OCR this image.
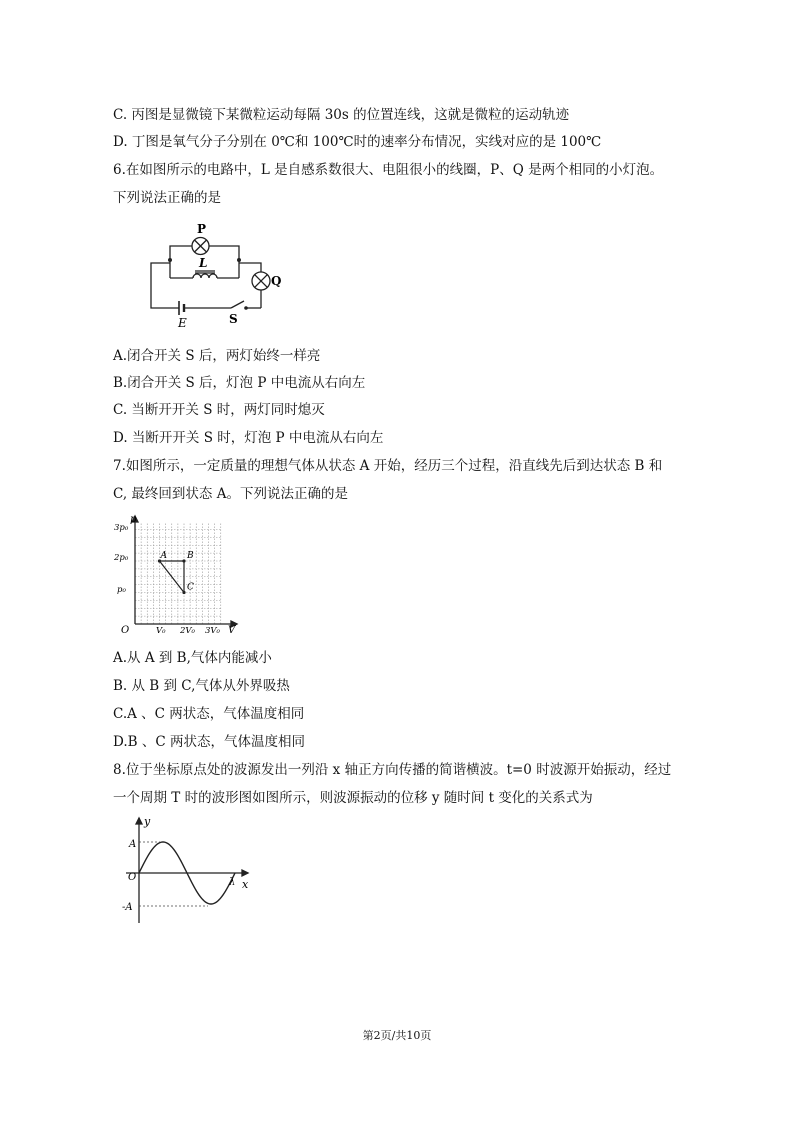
C. 丙图是显微镜下某微粒运动每隔 30s 的位置连线，这就是微粒的运动轨迹
D. 丁图是氧气分子分别在 0℃和 100℃时的速率分布情况，实线对应的是 100℃
6.在如图所示的电路中，L 是自感系数很大、电阻很小的线圈，P、Q 是两个相同的小灯泡。
下列说法正确的是
P
L
Q
E	S
A.闭合开关 S 后，两灯始终一样亮
B.闭合开关 S 后，灯泡 P 中电流从右向左
C. 当断开开关 S 时，两灯同时熄灭
D. 当断开开关 S 时，灯泡 P 中电流从右向左
7.如图所示，一定质量的理想气体从状态 A 开始，经历三个过程，沿直线先后到达状态 B 和
C, 最终回到状态 A。下列说法正确的是
A B
C
p
V
O
3p₀
2p₀
p₀
V₀ 2V₀ 3V₀
A.从 A 到 B,气体内能减小
B. 从 B 到 C,气体从外界吸热
C.A 、C 两状态，气体温度相同
D.B 、C 两状态，气体温度相同
8.位于坐标原点处的波源发出一列沿 x 轴正方向传播的简谐横波。t=0 时波源开始振动，经过
一个周期 T 时的波形图如图所示，则波源振动的位移 y 随时间 t 变化的关系式为
y
x
O
A
-A
λ
第2页/共10页
